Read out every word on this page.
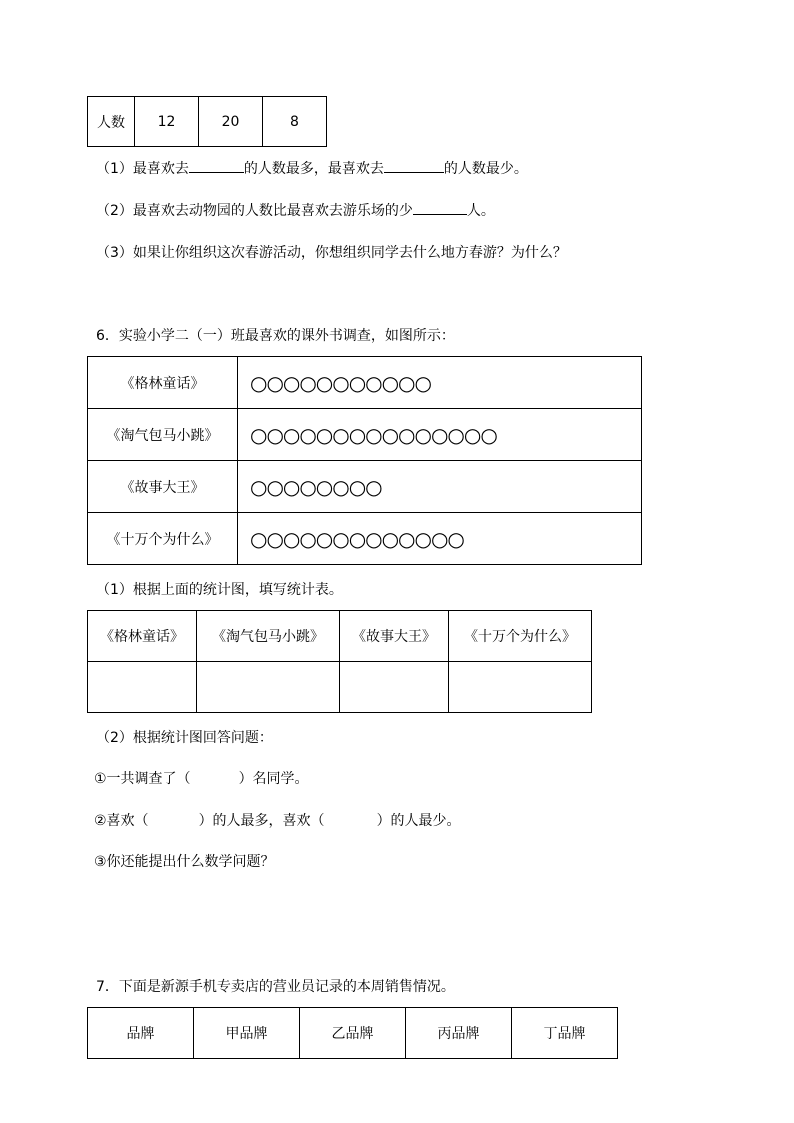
人数	12	20	8
（1）最喜欢去	的人数最多，最喜欢去	的人数最少。
（2）最喜欢去动物园的人数比最喜欢去游乐场的少	人。
（3）如果让你组织这次春游活动，你想组织同学去什么地方春游？为什么？
6．实验小学二（一）班最喜欢的课外书调查，如图所示：
《格林童话》	○○○○○○○○○○○
《淘气包马小跳》	○○○○○○○○○○○○○○○
《故事大王》	○○○○○○○○
《十万个为什么》	○○○○○○○○○○○○○
（1）根据上面的统计图，填写统计表。
《格林童话》	《淘气包马小跳》	《故事大王》	《十万个为什么》

（2）根据统计图回答问题：
①一共调查了（	）名同学。
②喜欢（	）的人最多，喜欢（	）的人最少。
③你还能提出什么数学问题？
7．下面是新源手机专卖店的营业员记录的本周销售情况。
品牌	甲品牌	乙品牌	丙品牌	丁品牌
